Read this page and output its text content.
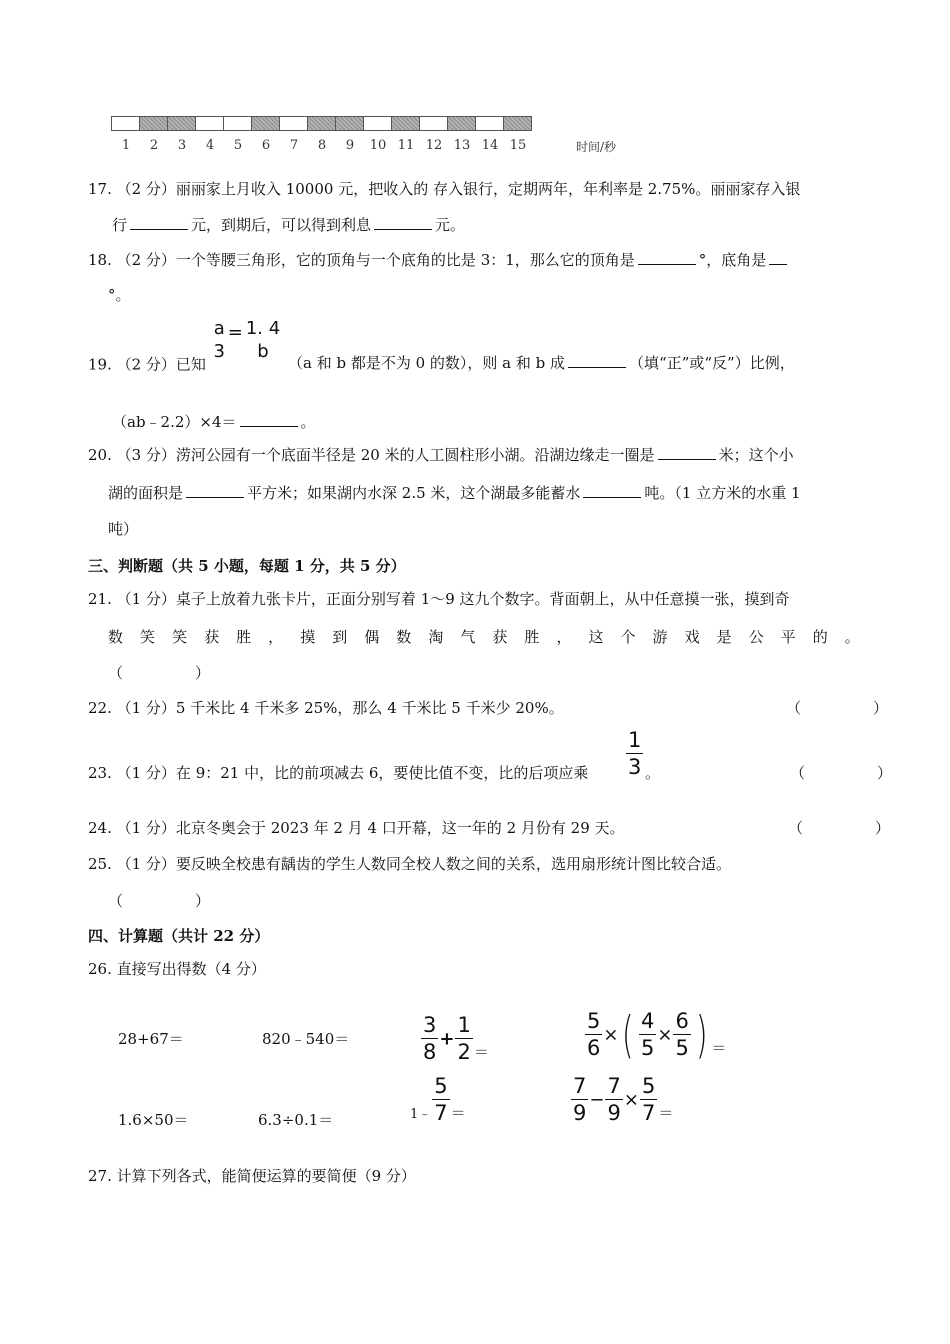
1	2	3	4	5	6	7	8	9	10 11 12 13 14 15	时间/秒
17. （2 分）丽丽家上月收入 10000 元，把收入的 存入银行，定期两年，年利率是 2.75%。丽丽家存入银
行	元，到期后，可以得到利息	元。
18. （2 分）一个等腰三角形，它的顶角与一个底角的比是 3：1，那么它的顶角是	°，底角是
°。
19. （2 分）已知
a
3
= 1. 4
b
（a 和 b 都是不为 0 的数），则 a 和 b 成	（填“正”或“反”）比例，
（ab﹣2.2）×4＝	。
20. （3 分）涝河公园有一个底面半径是 20 米的人工圆柱形小湖。沿湖边缘走一圈是	米；这个小
湖的面积是	平方米；如果湖内水深 2.5 米，这个湖最多能蓄水	吨。（1 立方米的水重 1
吨）
三、判断题（共 5 小题，每题 1 分，共 5 分）
21. （1 分）桌子上放着九张卡片，正面分别写着 1～9 这九个数字。背面朝上，从中任意摸一张，摸到奇
数 笑 笑 获 胜 ， 摸 到 偶 数 淘 气 获 胜 ， 这 个 游 戏 是 公 平 的 。
（　　）
22. （1 分）5 千米比 4 千米多 25%，那么 4 千米比 5 千米少 20%。	（　　）
23. （1 分）在 9：21 中，比的前项减去 6，要使比值不变，比的后项应乘 $\frac{1}{3}$ 。	（　　）
24. （1 分）北京冬奥会于 2023 年 2 月 4 口开幕，这一年的 2 月份有 29 天。	（　　）
25. （1 分）要反映全校患有龋齿的学生人数同全校人数之间的关系，选用扇形统计图比较合适。
（　　）
四、计算题（共计 22 分）
26. 直接写出得数（4 分）
28+67＝	820﹣540＝	$\frac{3}{8} + \frac{1}{2}$ ＝	$\frac{5}{6}$ ×( $\frac{4}{5} \times \frac{6}{5}$ ) ＝
1.6×50＝	6.3÷0.1＝	1﹣ $\frac{5}{7}$ ＝	$\frac{7}{9} - \frac{7}{9} \times \frac{5}{7}$ ＝
27. 计算下列各式，能简便运算的要简便（9 分）
